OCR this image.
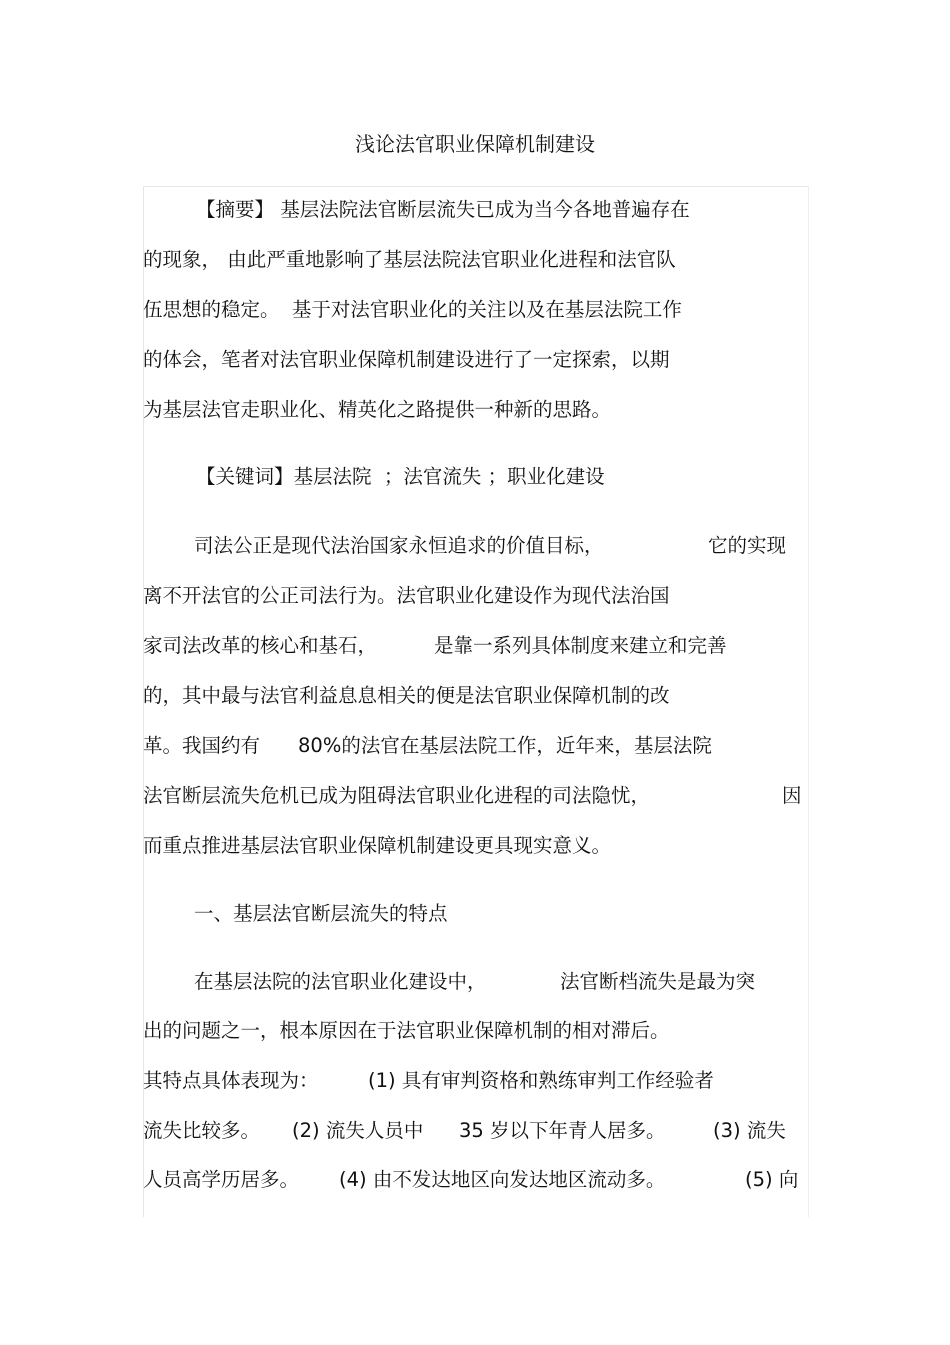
浅论法官职业保障机制建设
【摘要】 基层法院法官断层流失已成为当今各地普遍存在
的现象， 由此严重地影响了基层法院法官职业化进程和法官队
伍思想的稳定。  基于对法官职业化的关注以及在基层法院工作
的体会，笔者对法官职业保障机制建设进行了一定探索，以期
为基层法官走职业化、精英化之路提供一种新的思路。
【关键词】基层法院  ；法官流失 ；职业化建设

司法公正是现代法治国家永恒追求的价值目标，

	它的实现

离不开法官的公正司法行为。法官职业化建设作为现代法治国

家司法改革的核心和基石，

	是靠一系列具体制度来建立和完善

的，其中最与法官利益息息相关的便是法官职业保障机制的改

革。我国约有

80%的法官在基层法院工作，近年来，基层法院

法官断层流失危机已成为阻碍法官职业化进程的司法隐忧，

	因

而重点推进基层法官职业保障机制建设更具现实意义。
一、基层法官断层流失的特点

在基层法院的法官职业化建设中，

	法官断档流失是最为突

出的问题之一，根本原因在于法官职业保障机制的相对滞后。

其特点具体表现为：

	(1) 具有审判资格和熟练审判工作经验者

流失比较多。

(2) 流失人员中

35 岁以下年青人居多。

(3) 流失

人员高学历居多。

(4) 由不发达地区向发达地区流动多。

	(5) 向
